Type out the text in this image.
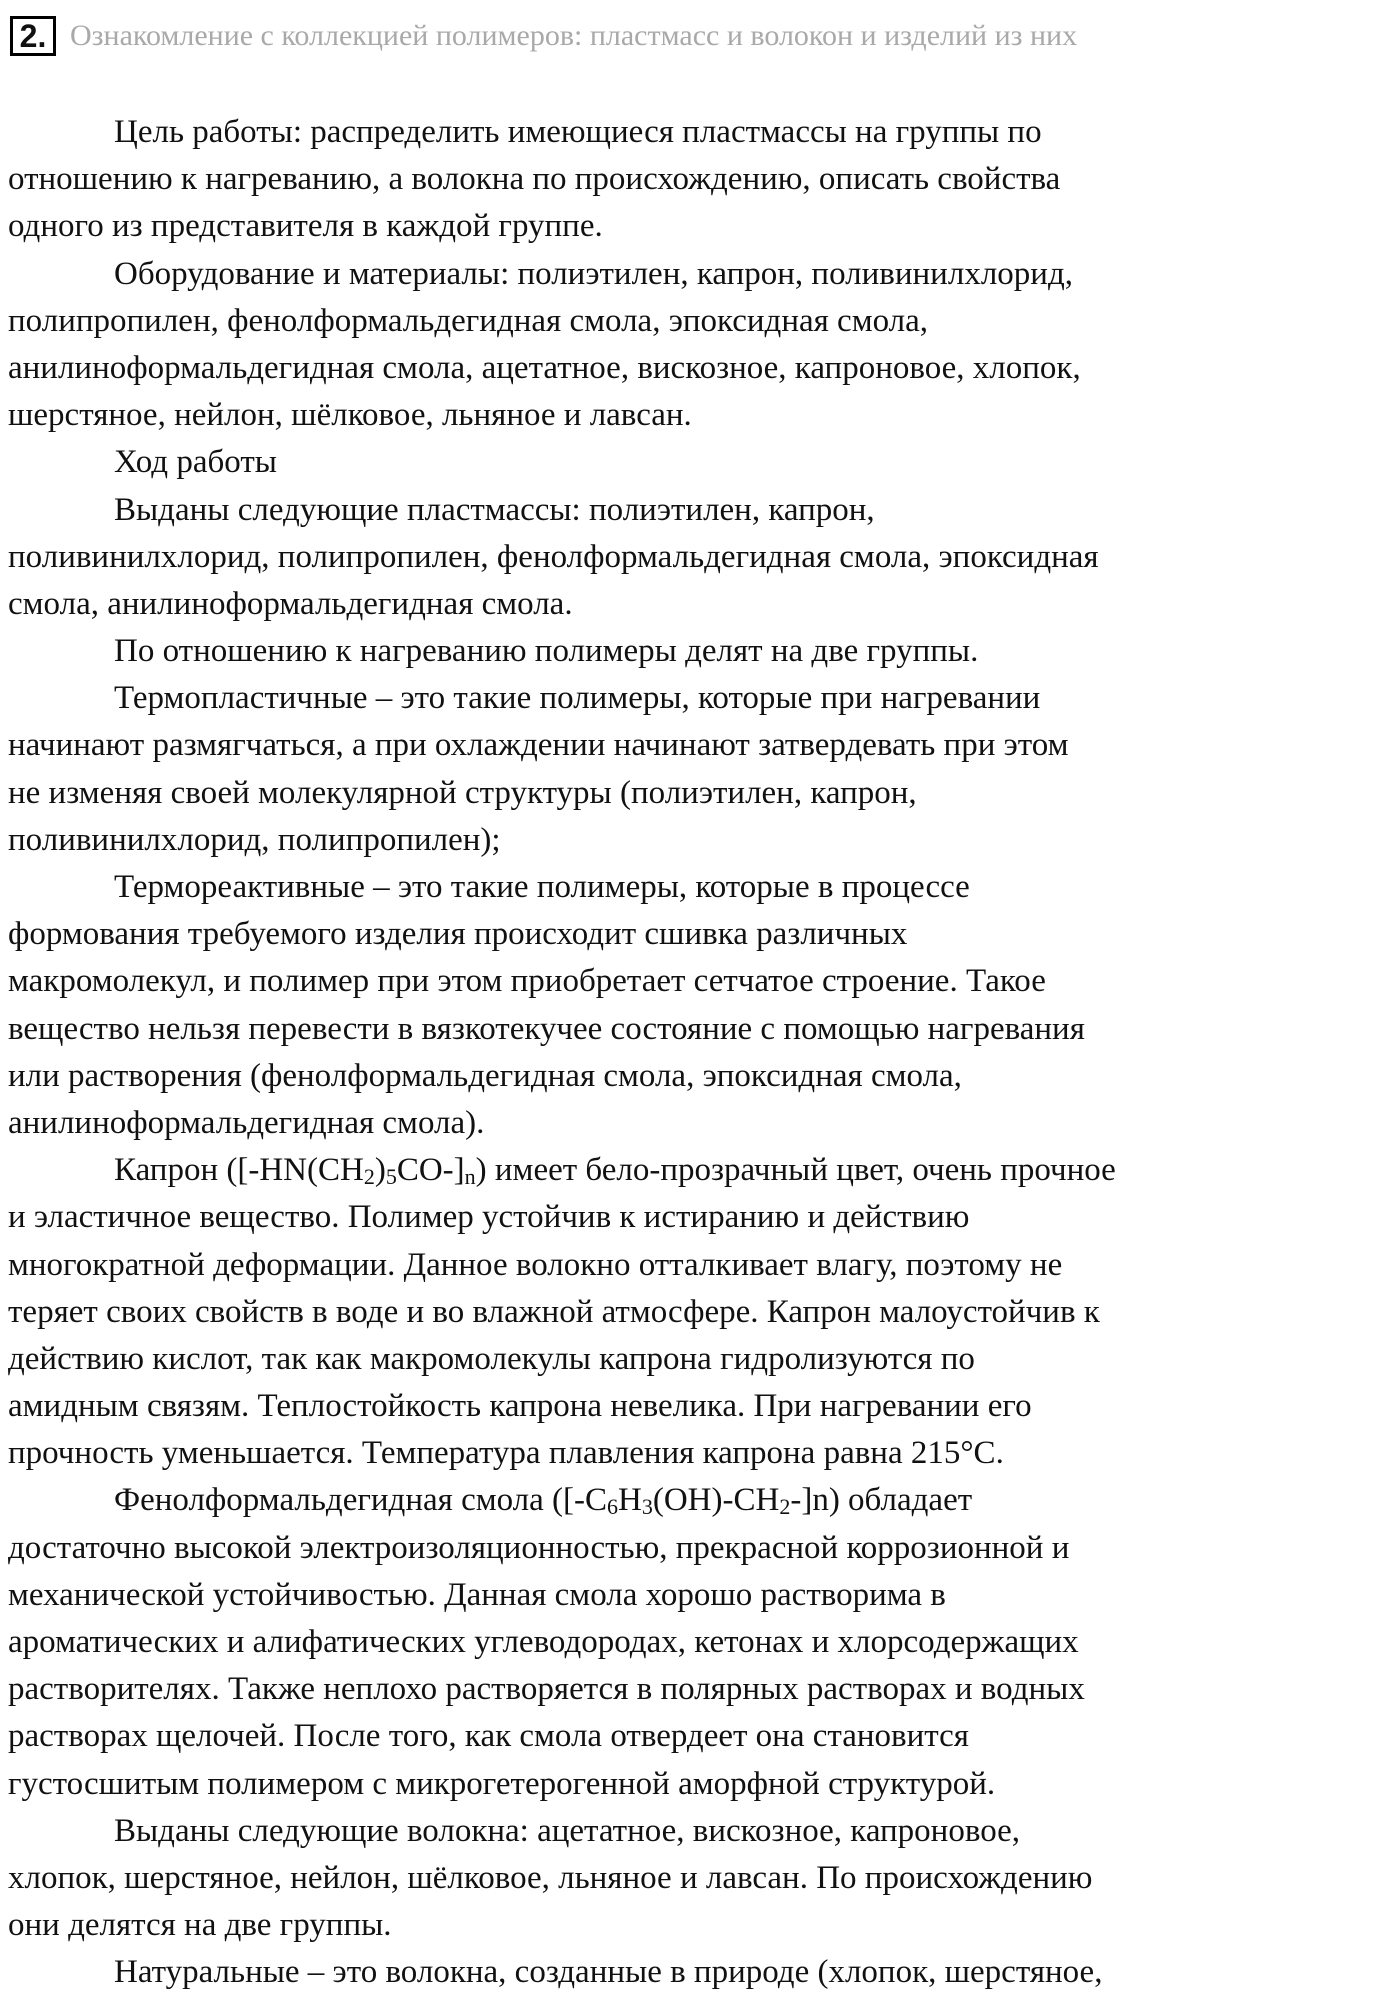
2. Ознакомление с коллекцией полимеров: пластмасс и волокон и изделий из них
Цель работы: распределить имеющиеся пластмассы на группы по
отношению к нагреванию, а волокна по происхождению, описать свойства
одного из представителя в каждой группе.
Оборудование и материалы: полиэтилен, капрон, поливинилхлорид,
полипропилен, фенолформальдегидная смола, эпоксидная смола,
анилиноформальдегидная смола, ацетатное, вискозное, капроновое, хлопок,
шерстяное, нейлон, шёлковое, льняное и лавсан.
Ход работы
Выданы следующие пластмассы: полиэтилен, капрон,
поливинилхлорид, полипропилен, фенолформальдегидная смола, эпоксидная
смола, анилиноформальдегидная смола.
По отношению к нагреванию полимеры делят на две группы.
Термопластичные – это такие полимеры, которые при нагревании
начинают размягчаться, а при охлаждении начинают затвердевать при этом
не изменяя своей молекулярной структуры (полиэтилен, капрон,
поливинилхлорид, полипропилен);
Термореактивные – это такие полимеры, которые в процессе
формования требуемого изделия происходит сшивка различных
макромолекул, и полимер при этом приобретает сетчатое строение. Такое
вещество нельзя перевести в вязкотекучее состояние с помощью нагревания
или растворения (фенолформальдегидная смола, эпоксидная смола,
анилиноформальдегидная смола).
Капрон $([-HN(CH_2)_5CO-]_n)$ имеет бело-прозрачный цвет, очень прочное
и эластичное вещество. Полимер устойчив к истиранию и действию
многократной деформации. Данное волокно отталкивает влагу, поэтому не
теряет своих свойств в воде и во влажной атмосфере. Капрон малоустойчив к
действию кислот, так как макромолекулы капрона гидролизуются по
амидным связям. Теплостойкость капрона невелика. При нагревании его
прочность уменьшается. Температура плавления капрона равна 215°C.
Фенолформальдегидная смола $([-C_6H_3(OH)-CH_2-]n)$ обладает
достаточно высокой электроизоляционностью, прекрасной коррозионной и
механической устойчивостью. Данная смола хорошо растворима в
ароматических и алифатических углеводородах, кетонах и хлорсодержащих
растворителях. Также неплохо растворяется в полярных растворах и водных
растворах щелочей. После того, как смола отвердеет она становится
густосшитым полимером с микрогетерогенной аморфной структурой.
Выданы следующие волокна: ацетатное, вискозное, капроновое,
хлопок, шерстяное, нейлон, шёлковое, льняное и лавсан. По происхождению
они делятся на две группы.
Натуральные – это волокна, созданные в природе (хлопок, шерстяное,
